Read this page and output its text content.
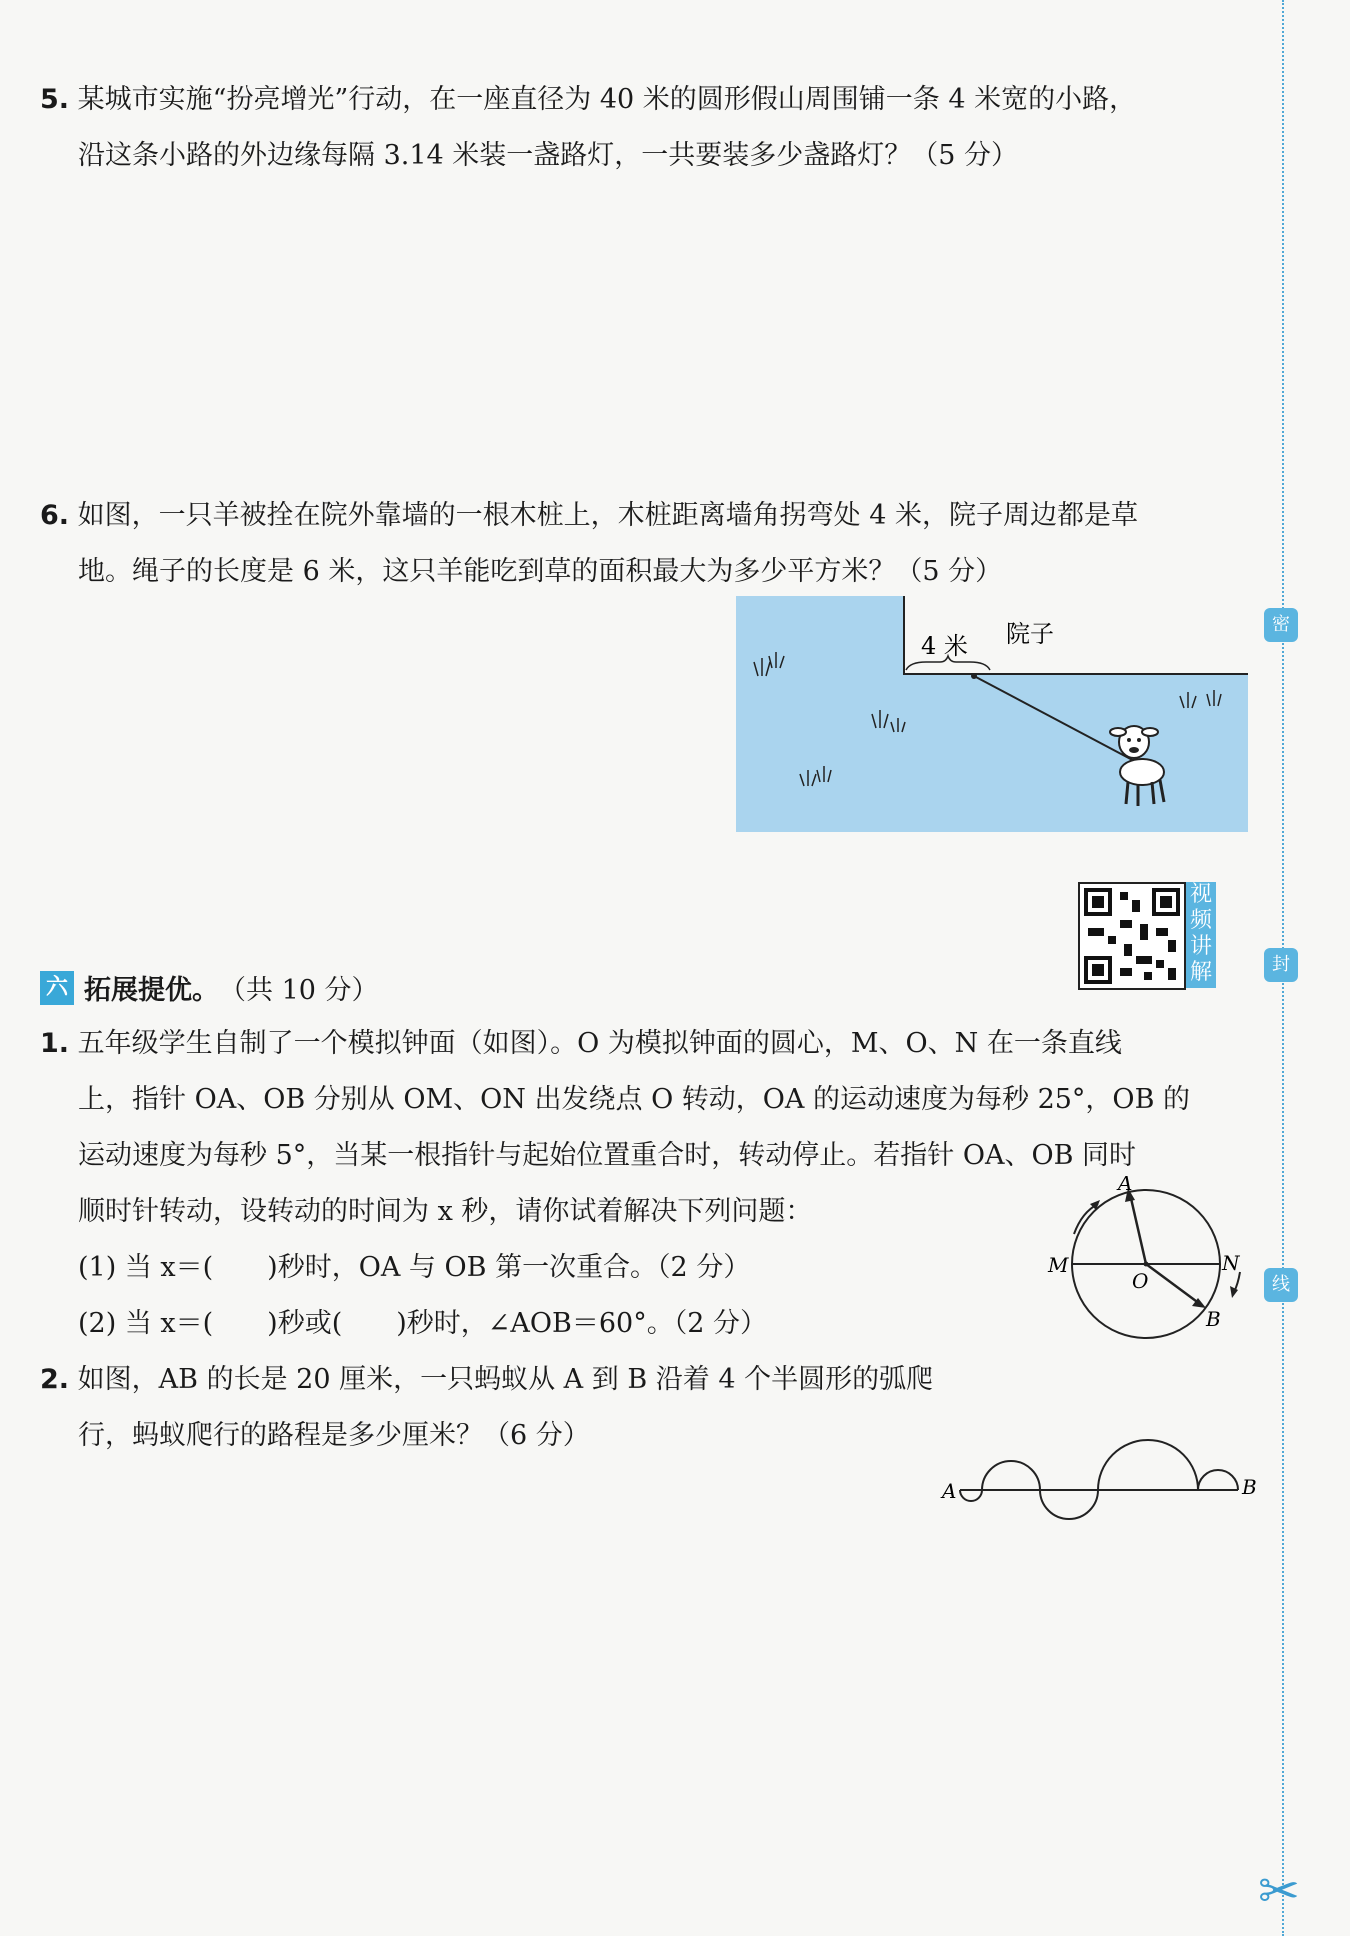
5. 某城市实施“扮亮增光”行动，在一座直径为 40 米的圆形假山周围铺一条 4 米宽的小路，
沿这条小路的外边缘每隔 3.14 米装一盏路灯，一共要装多少盏路灯？（5 分）
6. 如图，一只羊被拴在院外靠墙的一根木桩上，木桩距离墙角拐弯处 4 米，院子周边都是草
地。绳子的长度是 6 米，这只羊能吃到草的面积最大为多少平方米？（5 分）
4 米 院子
视
频
讲
解
六 拓展提优。 （共 10 分）
1. 五年级学生自制了一个模拟钟面（如图）。O 为模拟钟面的圆心，M、O、N 在一条直线
上，指针 OA、OB 分别从 OM、ON 出发绕点 O 转动，OA 的运动速度为每秒 25°，OB 的
运动速度为每秒 5°，当某一根指针与起始位置重合时，转动停止。若指针 OA、OB 同时
顺时针转动，设转动的时间为 x 秒，请你试着解决下列问题：
(1) 当 x＝(　　)秒时，OA 与 OB 第一次重合。（2 分）
(2) 当 x＝(　　)秒或(　　)秒时，∠AOB＝60°。（2 分）
A
M	N
O
B
2. 如图，AB 的长是 20 厘米，一只蚂蚁从 A 到 B 沿着 4 个半圆形的弧爬
行，蚂蚁爬行的路程是多少厘米？（6 分）
A	B
密
封
线
✂
